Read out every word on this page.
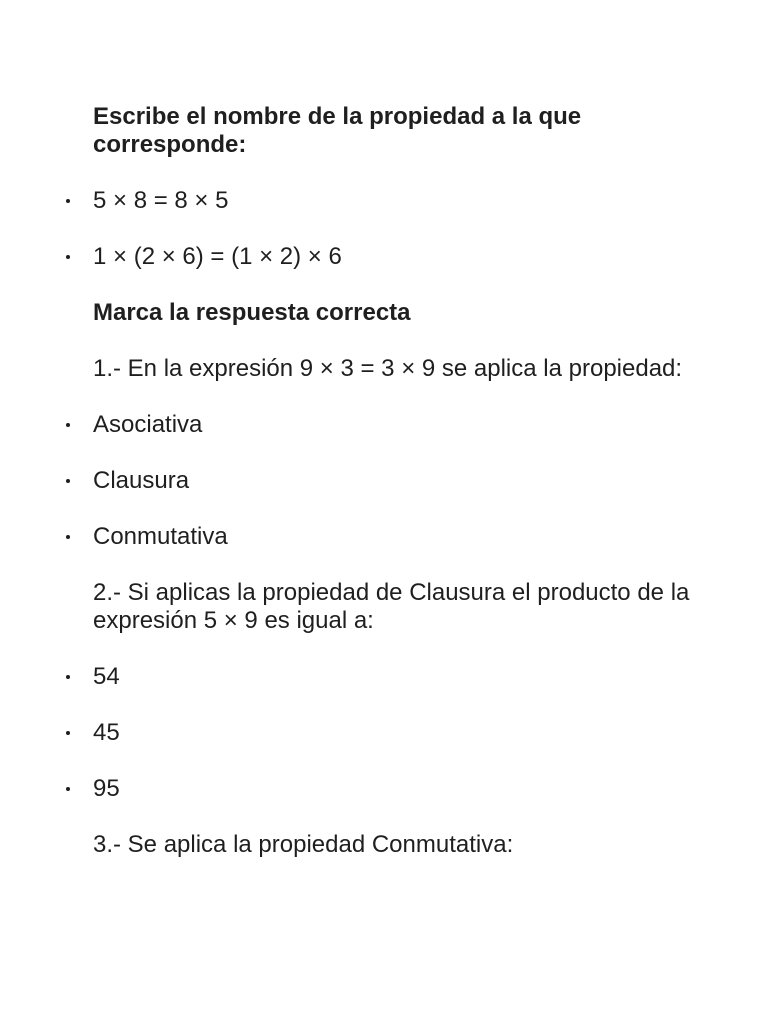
Escribe el nombre de la propiedad a la que corresponde:

5 × 8 = 8 × 5
1 × (2 × 6) = (1 × 2) × 6

Marca la respuesta correcta

1.- En la expresión 9 × 3 = 3 × 9 se aplica la propiedad:

Asociativa
Clausura
Conmutativa

2.- Si aplicas la propiedad de Clausura el producto de la expresión 5 × 9 es igual a:

54
45
95

3.- Se aplica la propiedad Conmutativa:
